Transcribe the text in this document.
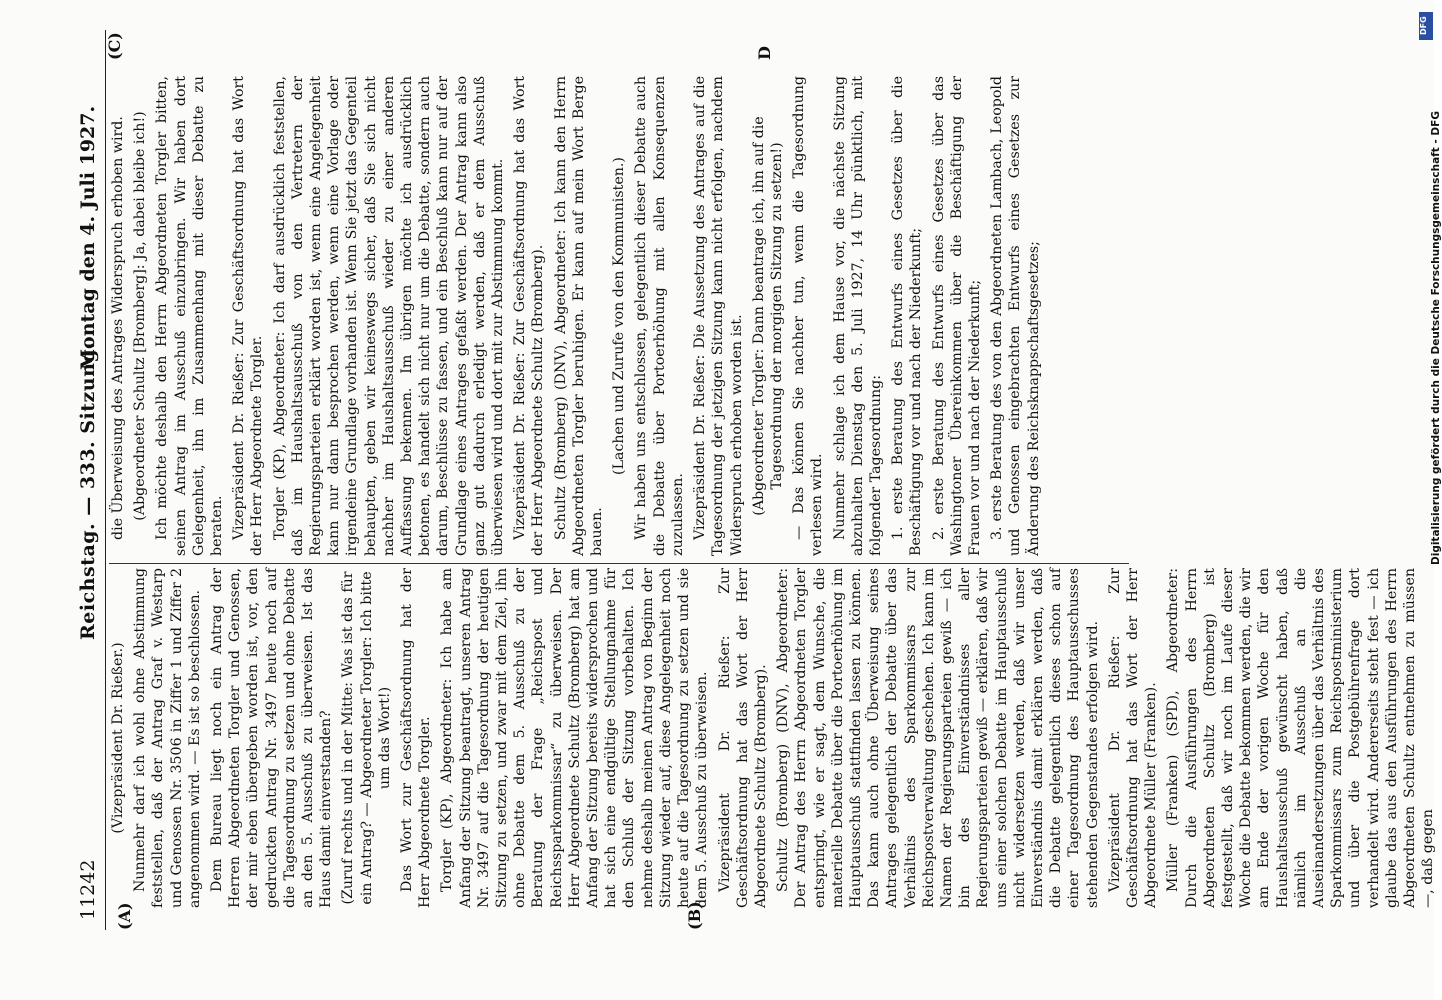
11242
Reichstag. — 333. Sitzung.
Montag den 4. Juli 1927.
(A)	(B)
(C)	D

(Vizepräsident Dr. Rießer.) Nunmehr darf ich wohl ohne Abstimmung feststellen, daß der Antrag Graf v. Westarp und Genossen Nr. 3506 in Ziffer 1 und Ziffer 2 angenommen wird. — Es ist so beschlossen. Dem Bureau liegt noch ein Antrag der Herren Abgeordneten Torgler und Genossen, der mir eben übergeben worden ist, vor, den gedruckten Antrag Nr. 3497 heute noch auf die Tagesordnung zu setzen und ohne Debatte an den 5. Ausschuß zu überweisen. Ist das Haus damit einverstanden? (Zuruf rechts und in der Mitte: Was ist das für ein Antrag? — Abgeordneter Torgler: Ich bitte um das Wort!) Das Wort zur Geschäftsordnung hat der Herr Abgeordnete Torgler. Torgler (KP), Abgeordneter: Ich habe am Anfang der Sitzung beantragt, unseren Antrag Nr. 3497 auf die Tagesordnung der heutigen Sitzung zu setzen, und zwar mit dem Ziel, ihn ohne Debatte dem 5. Ausschuß zu der Beratung der Frage „Reichspost und Reichssparkommissar“ zu überweisen. Der Herr Abgeordnete Schultz (Bromberg) hat am Anfang der Sitzung bereits widersprochen und hat sich eine endgültige Stellungnahme für den Schluß der Sitzung vorbehalten. Ich nehme deshalb meinen Antrag von Beginn der Sitzung wieder auf, diese Angelegenheit noch heute auf die Tagesordnung zu setzen und sie dem 5. Ausschuß zu überweisen. Vizepräsident Dr. Rießer: Zur Geschäftsordnung hat das Wort der Herr Abgeordnete Schultz (Bromberg). Schultz (Bromberg) (DNV), Abgeordneter: Der Antrag des Herrn Abgeordneten Torgler entspringt, wie er sagt, dem Wunsche, die materielle Debatte über die Portoerhöhung im Hauptausschuß stattfinden lassen zu können. Das kann auch ohne Überweisung seines Antrages gelegentlich der Debatte über das Verhältnis des Sparkommissars zur Reichspostverwaltung geschehen. Ich kann im Namen der Regierungsparteien gewiß — ich bin des Einverständnisses aller Regierungsparteien gewiß — erklären, daß wir uns einer solchen Debatte im Hauptausschuß nicht widersetzen werden, daß wir unser Einverständnis damit erklären werden, daß die Debatte gelegentlich dieses schon auf einer Tagesordnung des Hauptausschusses stehenden Gegenstandes erfolgen wird. Vizepräsident Dr. Rießer: Zur Geschäftsordnung hat das Wort der Herr Abgeordnete Müller (Franken). Müller (Franken) (SPD), Abgeordneter: Durch die Ausführungen des Herrn Abgeordneten Schultz (Bromberg) ist festgestellt, daß wir noch im Laufe dieser Woche die Debatte bekommen werden, die wir am Ende der vorigen Woche für den Haushaltsausschuß gewünscht haben, daß nämlich im Ausschuß an die Auseinandersetzungen über das Verhältnis des Sparkommissars zum Reichspostministerium und über die Postgebührenfrage dort verhandelt wird. Andererseits steht fest — ich glaube das aus den Ausführungen des Herrn Abgeordneten Schultz entnehmen zu müssen —, daß gegen

die Überweisung des Antrages Widerspruch erhoben wird. (Abgeordneter Schultz [Bromberg]: Ja, dabei bleibe ich!) Ich möchte deshalb den Herrn Abgeordneten Torgler bitten, seinen Antrag im Ausschuß einzubringen. Wir haben dort Gelegenheit, ihn im Zusammenhang mit dieser Debatte zu beraten. Vizepräsident Dr. Rießer: Zur Geschäftsordnung hat das Wort der Herr Abgeordnete Torgler. Torgler (KP), Abgeordneter: Ich darf ausdrücklich feststellen, daß im Haushaltsausschuß von den Vertretern der Regierungsparteien erklärt worden ist, wenn eine Angelegenheit kann nur dann besprochen werden, wenn eine Vorlage oder irgendeine Grundlage vorhanden ist. Wenn Sie jetzt das Gegenteil behaupten, geben wir keineswegs sicher, daß Sie sich nicht nachher im Haushaltsausschuß wieder zu einer anderen Auffassung bekennen. Im übrigen möchte ich ausdrücklich betonen, es handelt sich nicht nur um die Debatte, sondern auch darum, Beschlüsse zu fassen, und ein Beschluß kann nur auf der Grundlage eines Antrages gefaßt werden. Der Antrag kann also ganz gut dadurch erledigt werden, daß er dem Ausschuß überwiesen wird und dort mit zur Abstimmung kommt. Vizepräsident Dr. Rießer: Zur Geschäftsordnung hat das Wort der Herr Abgeordnete Schultz (Bromberg). Schultz (Bromberg) (DNV), Abgeordneter: Ich kann den Herrn Abgeordneten Torgler beruhigen. Er kann auf mein Wort Berge bauen.

(Lachen und Zurufe von den Kommunisten.) Wir haben uns entschlossen, gelegentlich dieser Debatte auch die Debatte über Portoerhöhung mit allen Konsequenzen zuzulassen. Vizepräsident Dr. Rießer: Die Aussetzung des Antrages auf die Tagesordnung der jetzigen Sitzung kann nicht erfolgen, nachdem Widerspruch erhoben worden ist. (Abgeordneter Torgler: Dann beantrage ich, ihn auf die Tagesordnung der morgigen Sitzung zu setzen!) — Das können Sie nachher tun, wenn die Tagesordnung verlesen wird. Nunmehr schlage ich dem Hause vor, die nächste Sitzung abzuhalten Dienstag den 5. Juli 1927, 14 Uhr pünktlich, mit folgender Tagesordnung: 1. erste Beratung des Entwurfs eines Gesetzes über die Beschäftigung vor und nach der Niederkunft; 2. erste Beratung des Entwurfs eines Gesetzes über das Washingtoner Übereinkommen über die Beschäftigung der Frauen vor und nach der Niederkunft; 3. erste Beratung des von den Abgeordneten Lambach, Leopold und Genossen eingebrachten Entwurfs eines Gesetzes zur Änderung des Reichsknappschaftsgesetzes;

DFG
Digitalisierung gefördert durch die Deutsche Forschungsgemeinschaft - DFG
